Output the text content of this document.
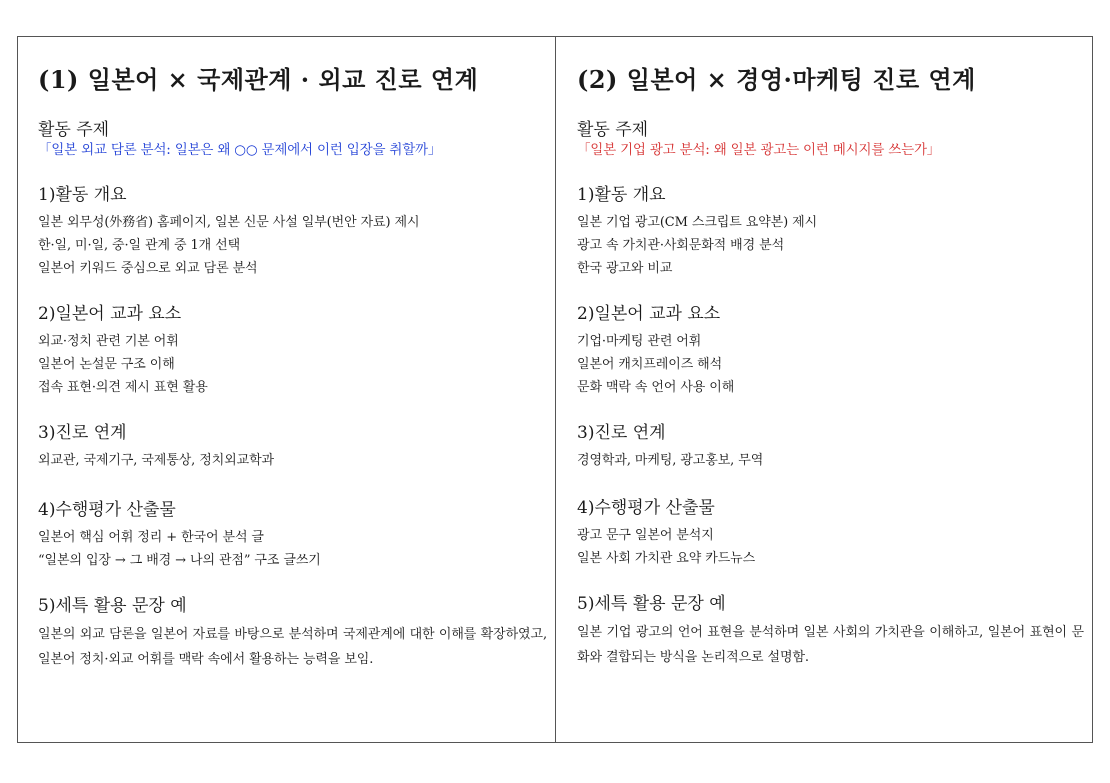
(1) 일본어 × 국제관계 · 외교 진로 연계
활동 주제
「일본 외교 담론 분석: 일본은 왜 ○○ 문제에서 이런 입장을 취할까」
1)활동 개요
일본 외무성(外務省) 홈페이지, 일본 신문 사설 일부(번안 자료) 제시
한·일, 미·일, 중·일 관계 중 1개 선택
일본어 키워드 중심으로 외교 담론 분석
2)일본어 교과 요소
외교·정치 관련 기본 어휘
일본어 논설문 구조 이해
접속 표현·의견 제시 표현 활용
3)진로 연계
외교관, 국제기구, 국제통상, 정치외교학과
4)수행평가 산출물
일본어 핵심 어휘 정리 + 한국어 분석 글
“일본의 입장 → 그 배경 → 나의 관점” 구조 글쓰기
5)세특 활용 문장 예
일본의 외교 담론을 일본어 자료를 바탕으로 분석하며 국제관계에 대한 이해를 확장하였고, 일본어 정치·외교 어휘를 맥락 속에서 활용하는 능력을 보임.
(2) 일본어 × 경영·마케팅 진로 연계
활동 주제
「일본 기업 광고 분석: 왜 일본 광고는 이런 메시지를 쓰는가」
1)활동 개요
일본 기업 광고(CM 스크립트 요약본) 제시
광고 속 가치관·사회문화적 배경 분석
한국 광고와 비교
2)일본어 교과 요소
기업·마케팅 관련 어휘
일본어 캐치프레이즈 해석
문화 맥락 속 언어 사용 이해
3)진로 연계
경영학과, 마케팅, 광고홍보, 무역
4)수행평가 산출물
광고 문구 일본어 분석지
일본 사회 가치관 요약 카드뉴스
5)세특 활용 문장 예
일본 기업 광고의 언어 표현을 분석하며 일본 사회의 가치관을 이해하고, 일본어 표현이 문화와 결합되는 방식을 논리적으로 설명함.
